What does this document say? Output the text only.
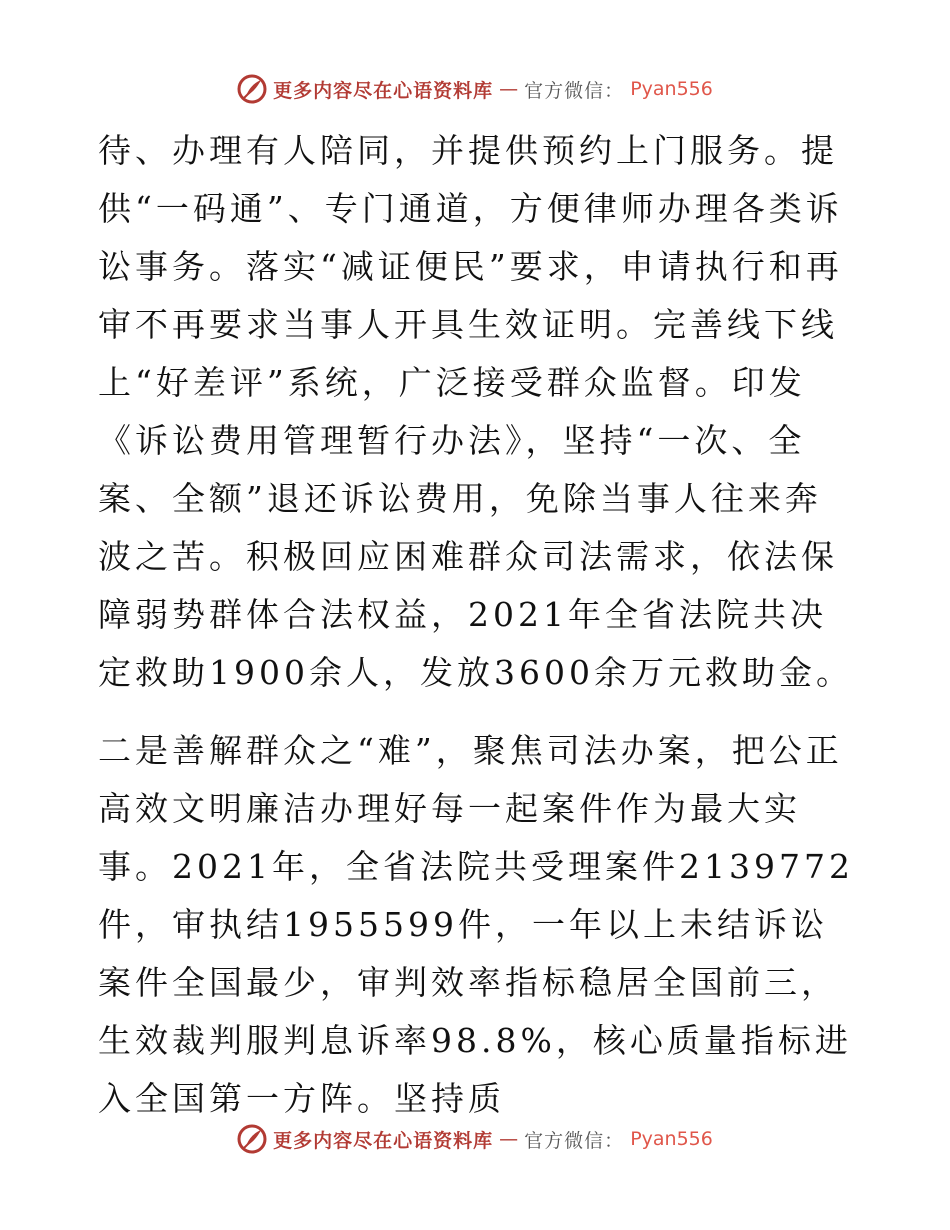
更多内容尽在心语资料库 — 官方微信： Pyan556

待、办理有人陪同，并提供预约上门服务。提供“一码通”、专门通道，方便律师办理各类诉讼事务。落实“减证便民”要求，申请执行和再审不再要求当事人开具生效证明。完善线下线上“好差评”系统，广泛接受群众监督。印发《诉讼费用管理暂行办法》，坚持“一次、全案、全额”退还诉讼费用，免除当事人往来奔波之苦。积极回应困难群众司法需求，依法保障弱势群体合法权益，2021年全省法院共决定救助1900余人，发放3600余万元救助金。

二是善解群众之“难”，聚焦司法办案，把公正高效文明廉洁办理好每一起案件作为最大实事。2021年，全省法院共受理案件2139772件，审执结1955599件，一年以上未结诉讼案件全国最少，审判效率指标稳居全国前三，生效裁判服判息诉率98.8%，核心质量指标进入全国第一方阵。坚持质

更多内容尽在心语资料库 — 官方微信： Pyan556
